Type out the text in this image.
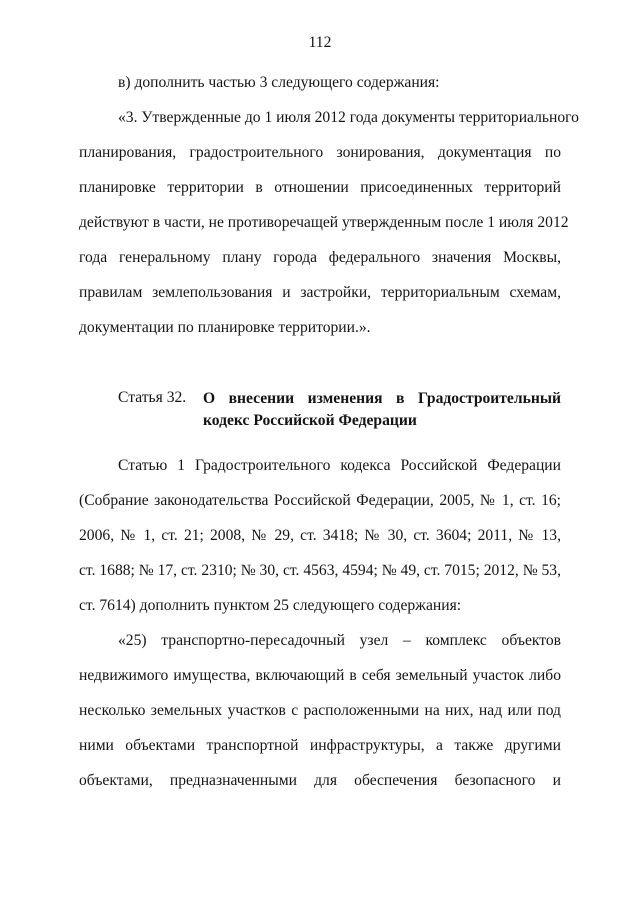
112
в) дополнить частью 3 следующего содержания:
«3. Утвержденные до 1 июля 2012 года документы территориального
планирования, градостроительного зонирования, документация по
планировке территории в отношении присоединенных территорий
действуют в части, не противоречащей утвержденным после 1 июля 2012
года генеральному плану города федерального значения Москвы,
правилам землепользования и застройки, территориальным схемам,
документации по планировке территории.».
Статья 32. О внесении изменения в Градостроительный
кодекс Российской Федерации
Статью 1 Градостроительного кодекса Российской Федерации
(Собрание законодательства Российской Федерации, 2005, № 1, ст. 16;
2006, № 1, ст. 21; 2008, № 29, ст. 3418; № 30, ст. 3604; 2011, № 13,
ст. 1688; № 17, ст. 2310; № 30, ст. 4563, 4594; № 49, ст. 7015; 2012, № 53,
ст. 7614) дополнить пунктом 25 следующего содержания:
«25) транспортно-пересадочный узел – комплекс объектов
недвижимого имущества, включающий в себя земельный участок либо
несколько земельных участков с расположенными на них, над или под
ними объектами транспортной инфраструктуры, а также другими
объектами, предназначенными для обеспечения безопасного и
